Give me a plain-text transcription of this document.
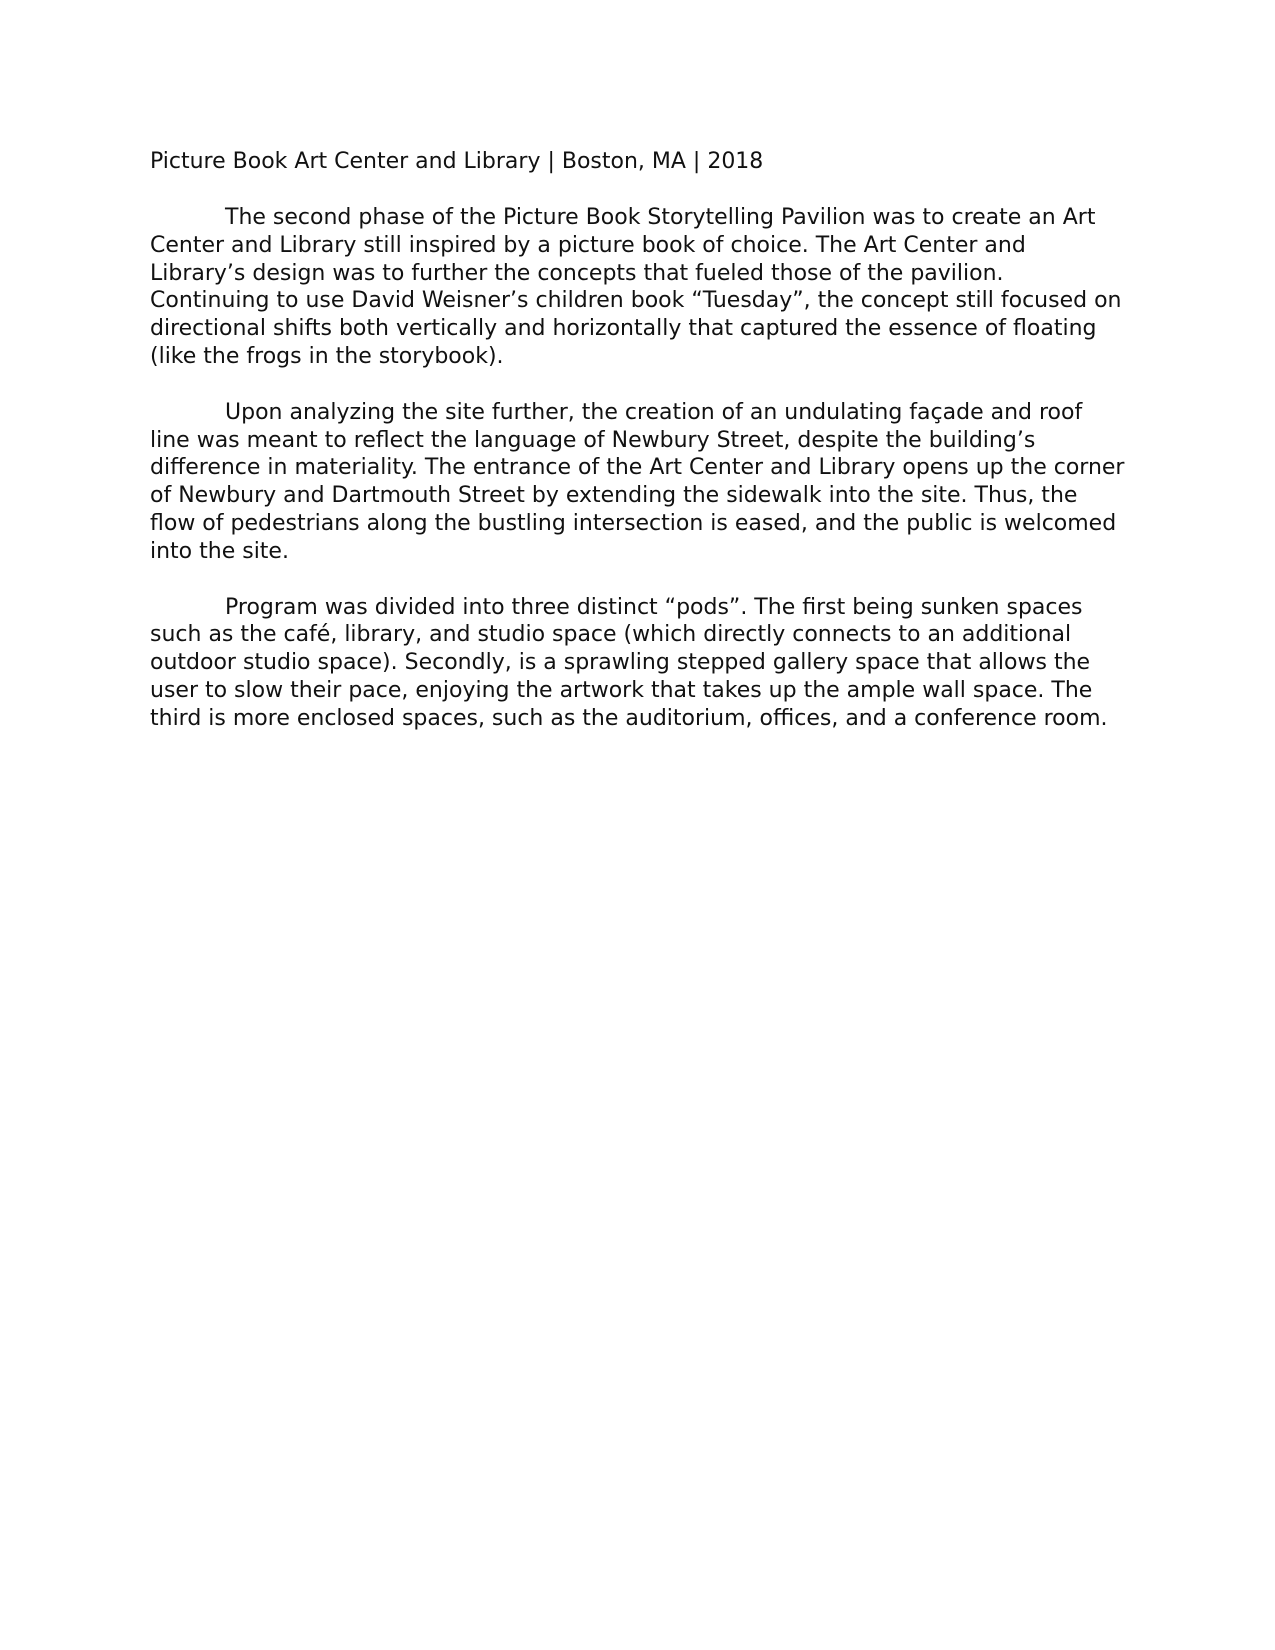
Picture Book Art Center and Library | Boston, MA | 2018

The second phase of the Picture Book Storytelling Pavilion was to create an Art Center and Library still inspired by a picture book of choice. The Art Center and Library’s design was to further the concepts that fueled those of the pavilion. Continuing to use David Weisner’s children book “Tuesday”, the concept still focused on directional shifts both vertically and horizontally that captured the essence of floating (like the frogs in the storybook).

Upon analyzing the site further, the creation of an undulating façade and roof line was meant to reflect the language of Newbury Street, despite the building’s difference in materiality. The entrance of the Art Center and Library opens up the corner of Newbury and Dartmouth Street by extending the sidewalk into the site. Thus, the flow of pedestrians along the bustling intersection is eased, and the public is welcomed into the site.

Program was divided into three distinct “pods”. The first being sunken spaces such as the café, library, and studio space (which directly connects to an additional outdoor studio space). Secondly, is a sprawling stepped gallery space that allows the user to slow their pace, enjoying the artwork that takes up the ample wall space. The third is more enclosed spaces, such as the auditorium, offices, and a conference room.
